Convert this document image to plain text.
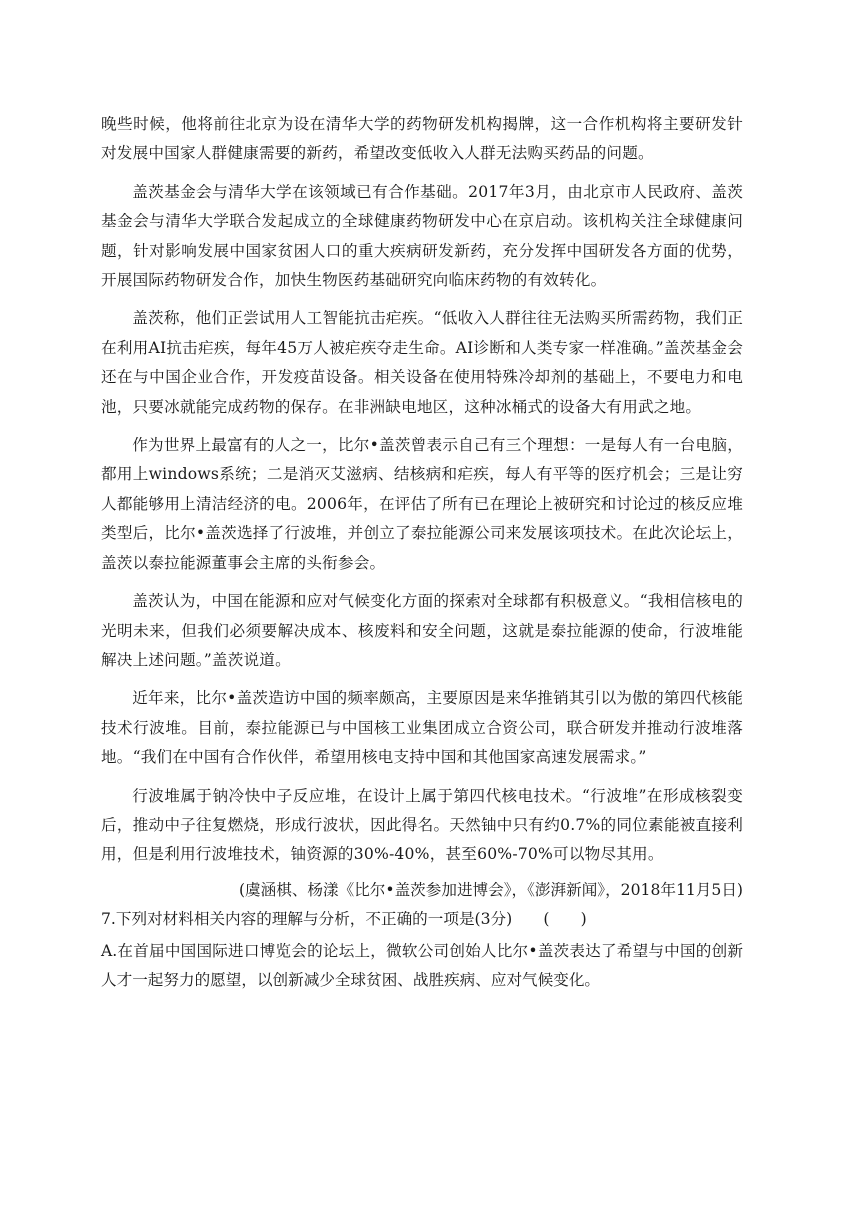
晚些时候，他将前往北京为设在清华大学的药物研发机构揭牌，这一合作机构将主要研发针对发展中国家人群健康需要的新药，希望改变低收入人群无法购买药品的问题。

盖茨基金会与清华大学在该领域已有合作基础。2017年3月，由北京市人民政府、盖茨基金会与清华大学联合发起成立的全球健康药物研发中心在京启动。该机构关注全球健康问题，针对影响发展中国家贫困人口的重大疾病研发新药，充分发挥中国研发各方面的优势，开展国际药物研发合作，加快生物医药基础研究向临床药物的有效转化。

盖茨称，他们正尝试用人工智能抗击疟疾。“低收入人群往往无法购买所需药物，我们正在利用AI抗击疟疾，每年45万人被疟疾夺走生命。AI诊断和人类专家一样准确。”盖茨基金会还在与中国企业合作，开发疫苗设备。相关设备在使用特殊冷却剂的基础上，不要电力和电池，只要冰就能完成药物的保存。在非洲缺电地区，这种冰桶式的设备大有用武之地。

作为世界上最富有的人之一，比尔•盖茨曾表示自己有三个理想：一是每人有一台电脑，都用上windows系统；二是消灭艾滋病、结核病和疟疾，每人有平等的医疗机会；三是让穷人都能够用上清洁经济的电。2006年，在评估了所有已在理论上被研究和讨论过的核反应堆类型后，比尔•盖茨选择了行波堆，并创立了泰拉能源公司来发展该项技术。在此次论坛上，盖茨以泰拉能源董事会主席的头衔参会。

盖茨认为，中国在能源和应对气候变化方面的探索对全球都有积极意义。“我相信核电的光明未来，但我们必须要解决成本、核废料和安全问题，这就是泰拉能源的使命，行波堆能解决上述问题。”盖茨说道。

近年来，比尔•盖茨造访中国的频率颇高，主要原因是来华推销其引以为傲的第四代核能技术行波堆。目前，泰拉能源已与中国核工业集团成立合资公司，联合研发并推动行波堆落地。“我们在中国有合作伙伴，希望用核电支持中国和其他国家高速发展需求。”

行波堆属于钠冷快中子反应堆，在设计上属于第四代核电技术。“行波堆”在形成核裂变后，推动中子往复燃烧，形成行波状，因此得名。天然铀中只有约0.7%的同位素能被直接利用，但是利用行波堆技术，铀资源的30%-40%，甚至60%-70%可以物尽其用。

(虞涵棋、杨漾《比尔•盖茨参加进博会》，《澎湃新闻》，2018年11月5日)

7.下列对材料相关内容的理解与分析，不正确的一项是(3分)　　(　　)

A.在首届中国国际进口博览会的论坛上，微软公司创始人比尔•盖茨表达了希望与中国的创新人才一起努力的愿望，以创新减少全球贫困、战胜疾病、应对气候变化。
